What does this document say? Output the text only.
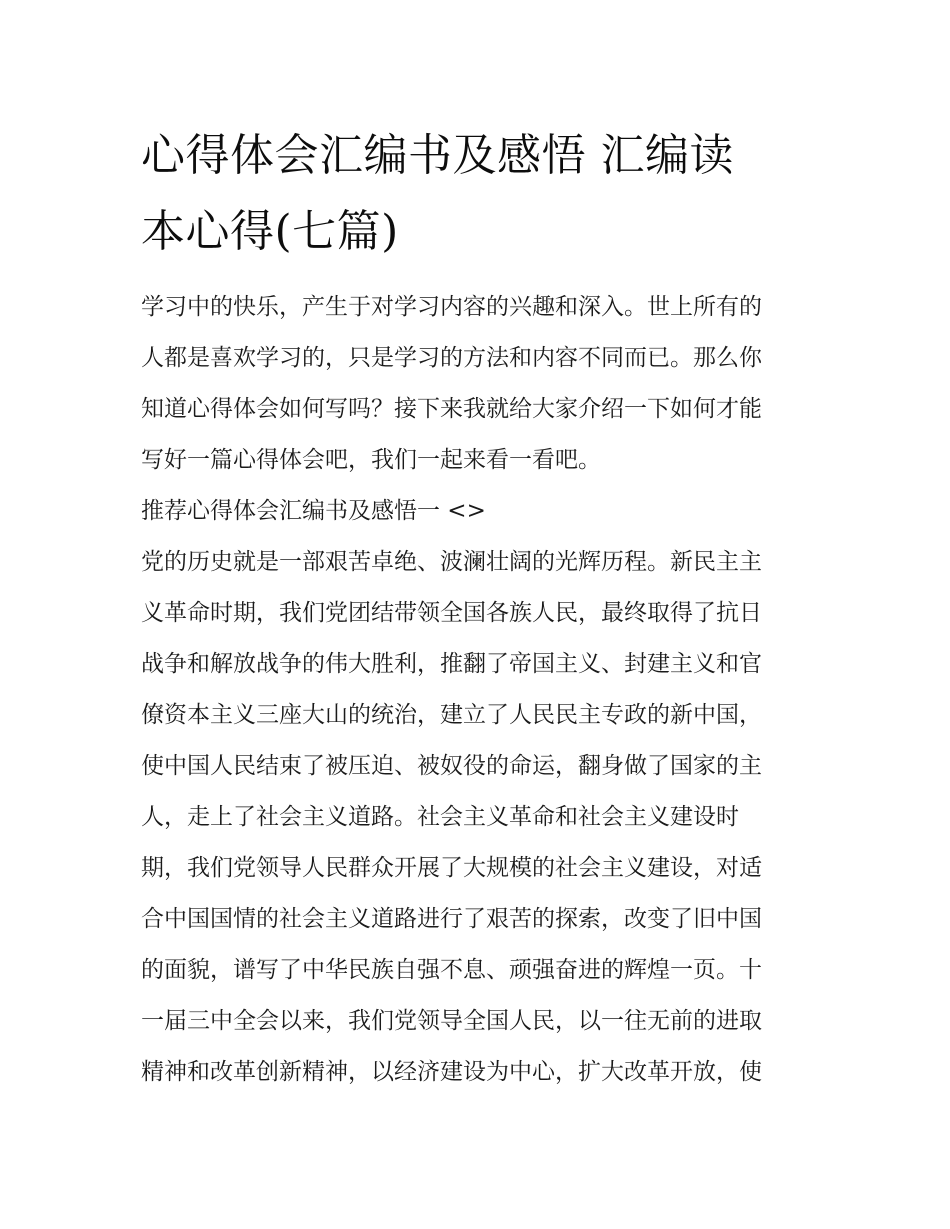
心得体会汇编书及感悟 汇编读
本心得(七篇)

学习中的快乐，产生于对学习内容的兴趣和深入。世上所有的
人都是喜欢学习的，只是学习的方法和内容不同而已。那么你
知道心得体会如何写吗？接下来我就给大家介绍一下如何才能
写好一篇心得体会吧，我们一起来看一看吧。

推荐心得体会汇编书及感悟一 <>

党的历史就是一部艰苦卓绝、波澜壮阔的光辉历程。新民主主
义革命时期，我们党团结带领全国各族人民，最终取得了抗日
战争和解放战争的伟大胜利，推翻了帝国主义、封建主义和官
僚资本主义三座大山的统治，建立了人民民主专政的新中国，
使中国人民结束了被压迫、被奴役的命运，翻身做了国家的主
人，走上了社会主义道路。社会主义革命和社会主义建设时
期，我们党领导人民群众开展了大规模的社会主义建设，对适
合中国国情的社会主义道路进行了艰苦的探索，改变了旧中国
的面貌，谱写了中华民族自强不息、顽强奋进的辉煌一页。十
一届三中全会以来，我们党领导全国人民，以一往无前的进取
精神和改革创新精神，以经济建设为中心，扩大改革开放，使
